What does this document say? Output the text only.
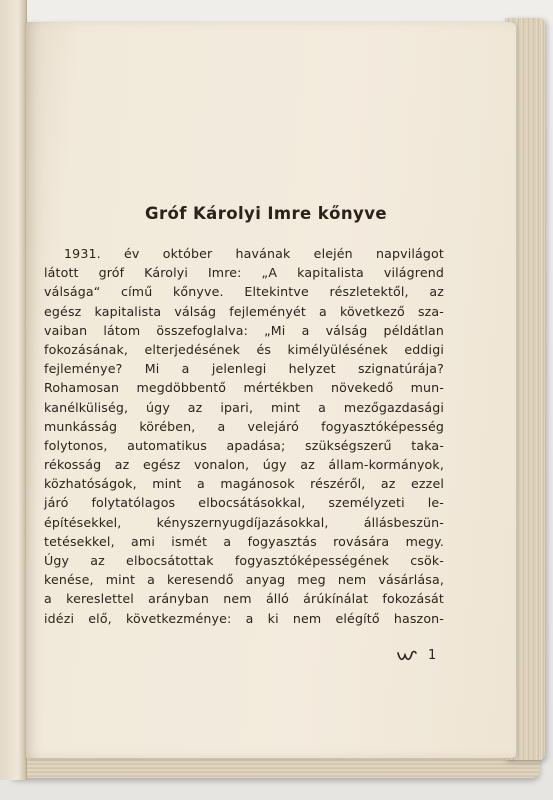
Gróf Károlyi Imre kőnyve
1931. év október havának elején napvilágot
látott gróf Károlyi Imre: „A kapitalista világrend
válsága“ című kőnyve. Eltekintve részletektől, az
egész kapitalista válság fejleményét a következő sza-
vaiban látom összefoglalva: „Mi a válság példátlan
fokozásának, elterjedésének és kimélyülésének eddigi
fejleménye? Mi a jelenlegi helyzet szignatúrája?
Rohamosan megdöbbentő mértékben növekedő mun-
kanélküliség, úgy az ipari, mint a mezőgazdasági
munkásság körében, a velejáró fogyasztóképesség
folytonos, automatikus apadása; szükségszerű taka-
rékosság az egész vonalon, úgy az állam-kormányok,
közhatóságok, mint a magánosok részéről, az ezzel
járó folytatólagos elbocsátásokkal, személyzeti le-
építésekkel, kényszernyugdíjazásokkal, állásbeszün-
tetésekkel, ami ismét a fogyasztás rovására megy.
Úgy az elbocsátottak fogyasztóképességének csök-
kenése, mint a keresendő anyag meg nem vásárlása,
a kereslettel arányban nem álló árúkínálat fokozását
idézi elő, következménye: a ki nem elégítő haszon-
1
